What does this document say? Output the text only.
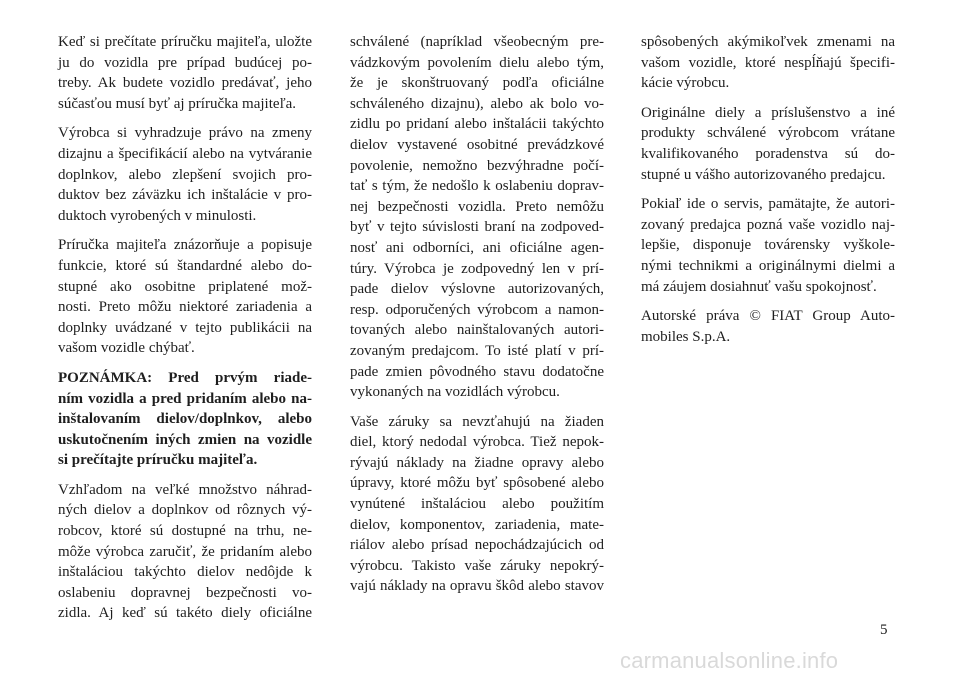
Keď si prečítate príručku majiteľa, uložte
ju do vozidla pre prípad budúcej po-
treby. Ak budete vozidlo predávať, jeho
súčasťou musí byť aj príručka majiteľa.
Výrobca si vyhradzuje právo na zmeny
dizajnu a špecifikácií alebo na vytváranie
doplnkov, alebo zlepšení svojich pro-
duktov bez záväzku ich inštalácie v pro-
duktoch vyrobených v minulosti.
Príručka majiteľa znázorňuje a popisuje
funkcie, ktoré sú štandardné alebo do-
stupné ako osobitne priplatené mož-
nosti. Preto môžu niektoré zariadenia a
doplnky uvádzané v tejto publikácii na
vašom vozidle chýbať.
POZNÁMKA: Pred prvým riade-
ním vozidla a pred pridaním alebo na-
inštalovaním dielov/doplnkov, alebo
uskutočnením iných zmien na vozidle
si prečítajte príručku majiteľa.
Vzhľadom na veľké množstvo náhrad-
ných dielov a doplnkov od rôznych vý-
robcov, ktoré sú dostupné na trhu, ne-
môže výrobca zaručiť, že pridaním alebo
inštaláciou takýchto dielov nedôjde k
oslabeniu dopravnej bezpečnosti vo-
zidla. Aj keď sú takéto diely oficiálne
schválené (napríklad všeobecným pre-
vádzkovým povolením dielu alebo tým,
že je skonštruovaný podľa oficiálne
schváleného dizajnu), alebo ak bolo vo-
zidlu po pridaní alebo inštalácii takýchto
dielov vystavené osobitné prevádzkové
povolenie, nemožno bezvýhradne počí-
tať s tým, že nedošlo k oslabeniu doprav-
nej bezpečnosti vozidla. Preto nemôžu
byť v tejto súvislosti braní na zodpoved-
nosť ani odborníci, ani oficiálne agen-
túry. Výrobca je zodpovedný len v prí-
pade dielov výslovne autorizovaných,
resp. odporučených výrobcom a namon-
tovaných alebo nainštalovaných autori-
zovaným predajcom. To isté platí v prí-
pade zmien pôvodného stavu dodatočne
vykonaných na vozidlách výrobcu.
Vaše záruky sa nevzťahujú na žiaden
diel, ktorý nedodal výrobca. Tiež nepok-
rývajú náklady na žiadne opravy alebo
úpravy, ktoré môžu byť spôsobené alebo
vynútené inštaláciou alebo použitím
dielov, komponentov, zariadenia, mate-
riálov alebo prísad nepochádzajúcich od
výrobcu. Takisto vaše záruky nepokrý-
vajú náklady na opravu škôd alebo stavov
spôsobených akýmikoľvek zmenami na
vašom vozidle, ktoré nespĺňajú špecifi-
kácie výrobcu.
Originálne diely a príslušenstvo a iné
produkty schválené výrobcom vrátane
kvalifikovaného poradenstva sú do-
stupné u vášho autorizovaného predajcu.
Pokiaľ ide o servis, pamätajte, že autori-
zovaný predajca pozná vaše vozidlo naj-
lepšie, disponuje továrensky vyškole-
nými technikmi a originálnymi dielmi a
má záujem dosiahnuť vašu spokojnosť.
Autorské práva © FIAT Group Auto-
mobiles S.p.A.
5
carmanualsonline.info
